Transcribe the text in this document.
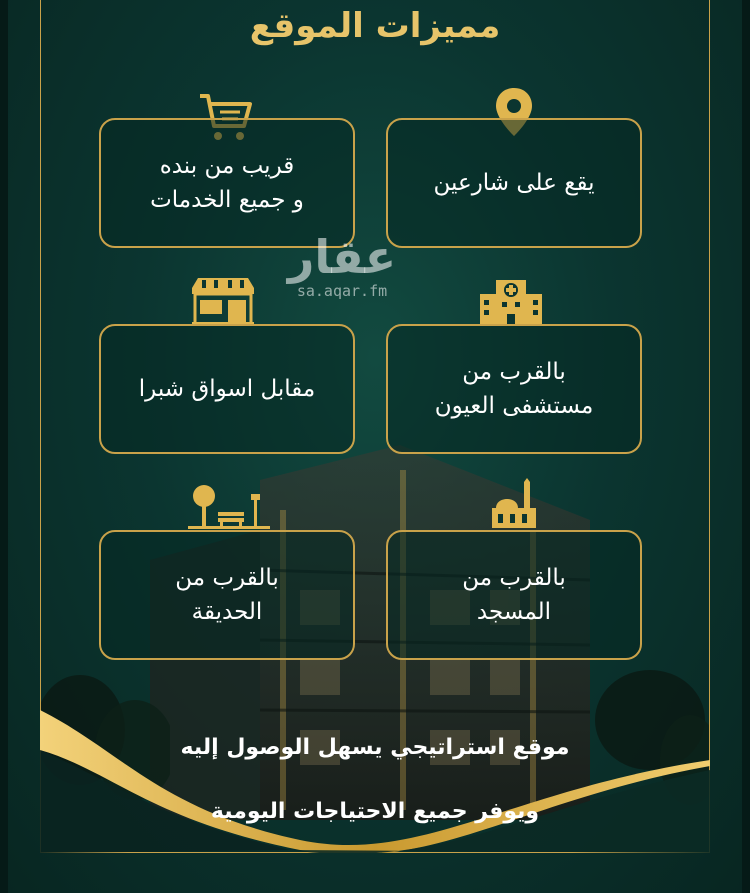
مميزات الموقع
يقع على شارعين
قريب من بنده
و جميع الخدمات
بالقرب من
مستشفى العيون
مقابل اسواق شبرا
بالقرب من
المسجد
بالقرب من
الحديقة
عقار
sa.aqar.fm

موقع استراتيجي يسهل الوصول إليه

ويوفر جميع الاحتياجات اليومية
